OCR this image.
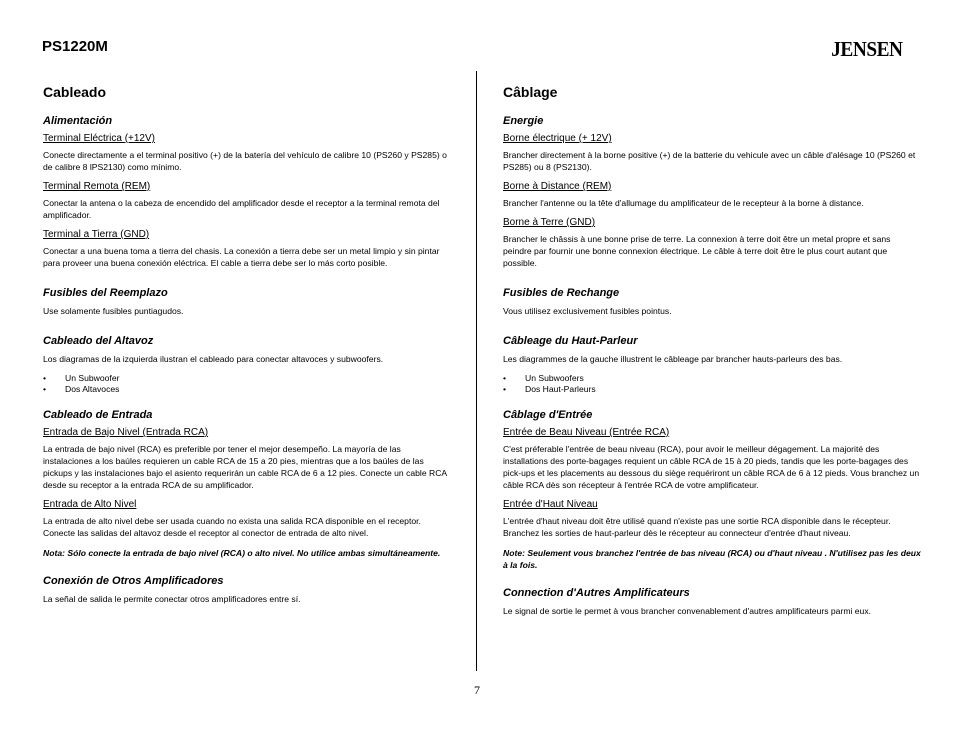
PS1220M	JENSEN
Cableado
Alimentación
Terminal Eléctrica (+12V)

Conecte directamente a el terminal positivo (+) de la batería del vehículo de calibre 10 (PS260 y PS285) o de calibre 8 lPS2130) como mínimo.

Terminal Remota (REM)

Conectar la antena o la cabeza de encendido del amplificador desde el receptor a la terminal remota del amplificador.

Terminal a Tierra (GND)

Conectar a una buena toma a tierra del chasis. La conexión a tierra debe ser un metal limpio y sin pintar para proveer una buena conexión eléctrica. El cable a tierra debe ser lo más corto posible.

Fusibles del Reemplazo

Use solamente fusibles puntiagudos.

Cableado del Altavoz

Los diagramas de la izquierda ilustran el cableado para conectar altavoces y subwoofers.

• Un Subwoofer
• Dos Altavoces
Cableado de Entrada
Entrada de Bajo Nivel (Entrada RCA)

La entrada de bajo nivel (RCA) es preferible por tener el mejor desempeño. La mayoría de las instalaciones a los baúles requieren un cable RCA de 15 a 20 pies, mientras que a los baúles de las pickups y las instalaciones bajo el asiento requerirán un cable RCA de 6 a 12 pies. Conecte un cable RCA desde su receptor a la entrada RCA de su amplificador.

Entrada de Alto Nivel

La entrada de alto nivel debe ser usada cuando no exista una salida RCA disponible en el receptor. Conecte las salidas del altavoz desde el receptor al conector de entrada de alto nivel.

Nota: Sólo conecte la entrada de bajo nivel (RCA) o alto nivel. No utilice ambas simultáneamente.

Conexión de Otros Amplificadores

La señal de salida le permite conectar otros amplificadores entre sí.

Câblage
Energie
Borne électrique (+ 12V)

Brancher directement à la borne positive (+) de la batterie du vehicule avec un câble d'alésage 10 (PS260 et PS285) ou 8 (PS2130).

Borne à Distance (REM)

Brancher l'antenne ou la tête d'allumage du amplificateur de le recepteur à la borne à distance.

Borne à Terre (GND)

Brancher le châssis à une bonne prise de terre. La connexion à terre doit être un metal propre et sans peindre par fournir une bonne connexion électrique. Le câble à terre doit être le plus court autant que possible.

Fusibles de Rechange

Vous utilisez exclusivement fusibles pointus.

Câbleage du Haut-Parleur

Les diagrammes de la gauche illustrent le câbleage par brancher hauts-parleurs des bas.

• Un Subwoofers
• Dos Haut-Parleurs
Câblage d'Entrée
Entrée de Beau Niveau (Entrée RCA)

C'est préferable l'entrée de beau niveau (RCA), pour avoir le meilleur dégagement. La majorité des installations des porte-bagages requient un câble RCA de 15 à 20 pieds, tandis que les porte-bagages des pick-ups et les placements au dessous du siège requériront un câble RCA de 6 à 12 pieds. Vous branchez un câble RCA dès son récepteur à l'entrée RCA de votre amplificateur.

Entrée d'Haut Niveau

L'entrée d'haut niveau doit être utilisé quand n'existe pas une sortie RCA disponible dans le récepteur. Branchez les sorties de haut-parleur dès le récepteur au connecteur d'entrée d'haut niveau.

Note: Seulement vous branchez l'entrée de bas niveau (RCA) ou d'haut niveau . N'utilisez pas les deux à la fois.

Connection d'Autres Amplificateurs

Le signal de sortie le permet à vous brancher convenablement d'autres amplificateurs parmi eux.

7
